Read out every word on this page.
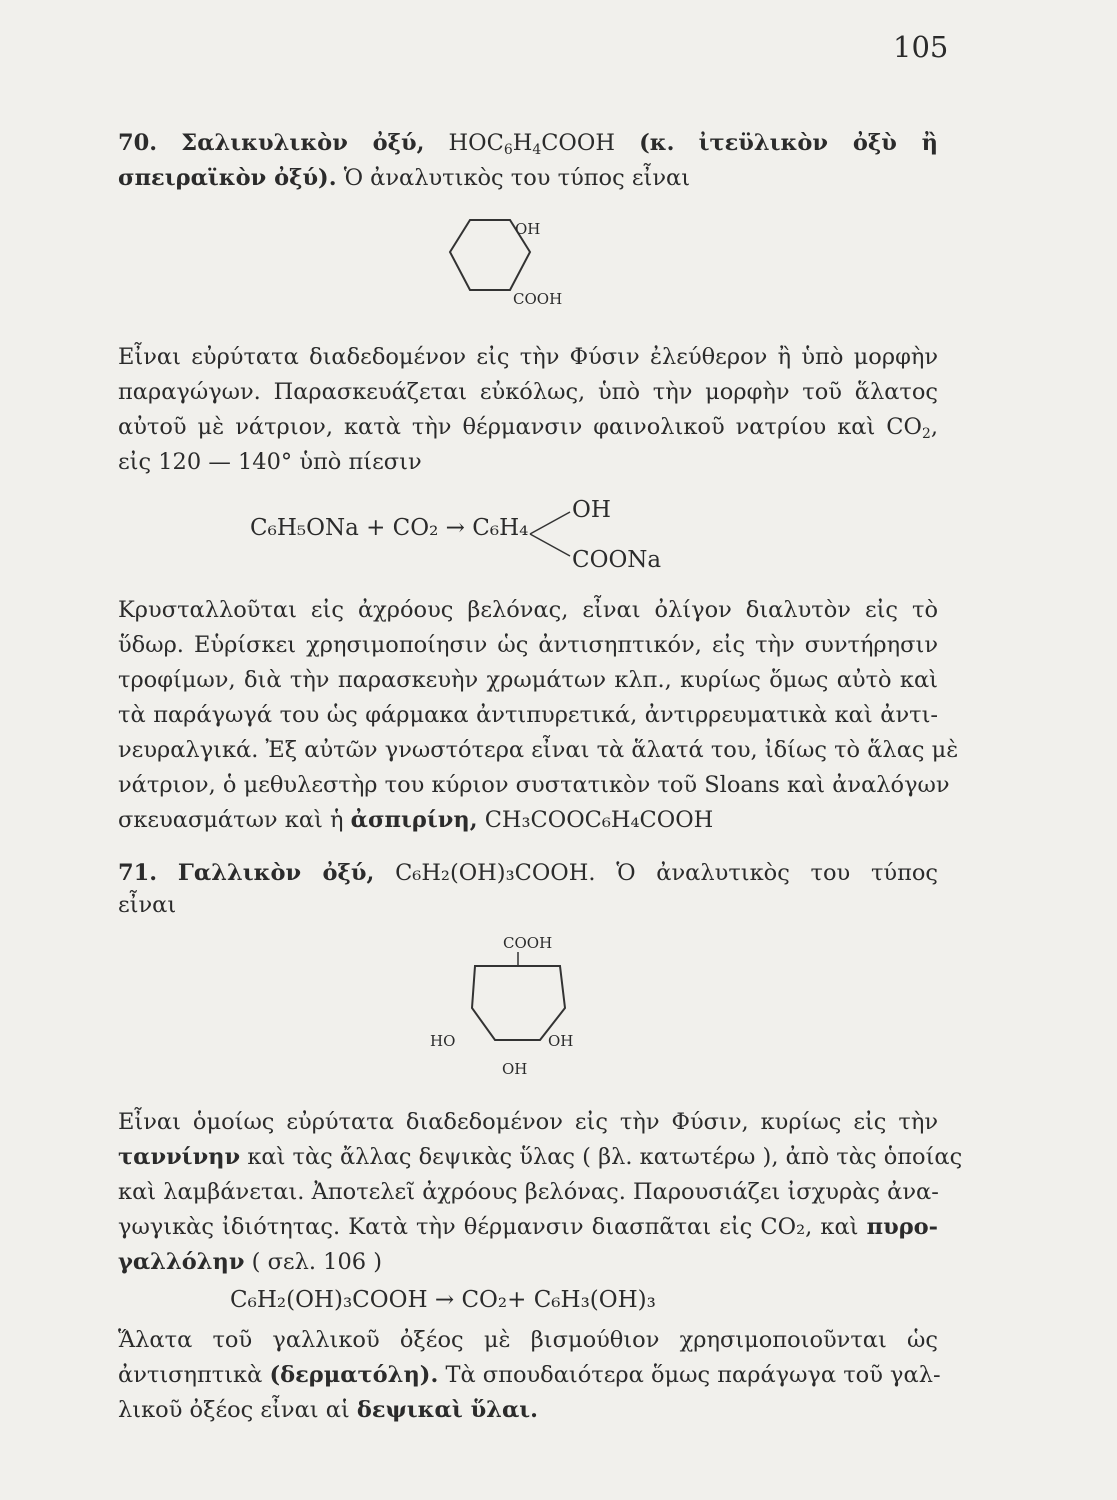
105
70. Σαλικυλικὸν ὀξύ, $HOC_6H_4COOH$ (κ. ἰτεϋλικὸν ὀξὺ ἢ
σπειραϊκὸν ὀξύ). Ὁ ἀναλυτικὸς του τύπος εἶναι
OH
COOH
Εἶναι εὐρύτατα διαδεδομένον εἰς τὴν Φύσιν ἐλεύθερον ἢ ὑπὸ μορφὴν
παραγώγων. Παρασκευάζεται εὐκόλως, ὑπὸ τὴν μορφὴν τοῦ ἅλατος
αὐτοῦ μὲ νάτριον, κατὰ τὴν θέρμανσιν φαινολικοῦ νατρίου καὶ $CO_2$,
εἰς 120 — 140° ὑπὸ πίεσιν
C₆H₅ONa + CO₂ → C₆H₄
OH
COONa
Κρυσταλλοῦται εἰς ἀχρόους βελόνας, εἶναι ὀλίγον διαλυτὸν εἰς τὸ
ὕδωρ. Εὑρίσκει χρησιμοποίησιν ὡς ἀντισηπτικόν, εἰς τὴν συντήρησιν
τροφίμων, διὰ τὴν παρασκευὴν χρωμάτων κλπ., κυρίως ὅμως αὐτὸ καὶ
τὰ παράγωγά του ὡς φάρμακα ἀντιπυρετικά, ἀντιρρευματικὰ καὶ ἀντι-
νευραλγικά. Ἐξ αὐτῶν γνωστότερα εἶναι τὰ ἅλατά του, ἰδίως τὸ ἅλας μὲ
νάτριον, ὁ μεθυλεστὴρ του κύριον συστατικὸν τοῦ Sloans καὶ ἀναλόγων
σκευασμάτων καὶ ἡ ἀσπιρίνη, CH₃COOC₆H₄COOH
71. Γαλλικὸν ὀξύ, C₆H₂(OH)₃COOH. Ὁ ἀναλυτικὸς του τύπος
εἶναι
COOH
HO	OH
OH
Εἶναι ὁμοίως εὐρύτατα διαδεδομένον εἰς τὴν Φύσιν, κυρίως εἰς τὴν
ταννίνην καὶ τὰς ἄλλας δεψικὰς ὕλας ( βλ. κατωτέρω ), ἀπὸ τὰς ὁποίας
καὶ λαμβάνεται. Ἀποτελεῖ ἀχρόους βελόνας. Παρουσιάζει ἰσχυρὰς ἀνα-
γωγικὰς ἰδιότητας. Κατὰ τὴν θέρμανσιν διασπᾶται εἰς CO₂, καὶ πυρο-
γαλλόλην ( σελ. 106 )
C₆H₂(OH)₃COOH → CO₂+ C₆H₃(OH)₃
Ἅλατα τοῦ γαλλικοῦ ὀξέος μὲ βισμούθιον χρησιμοποιοῦνται ὡς
ἀντισηπτικὰ (δερματόλη). Τὰ σπουδαιότερα ὅμως παράγωγα τοῦ γαλ-
λικοῦ ὀξέος εἶναι αἱ δεψικαὶ ὕλαι.
